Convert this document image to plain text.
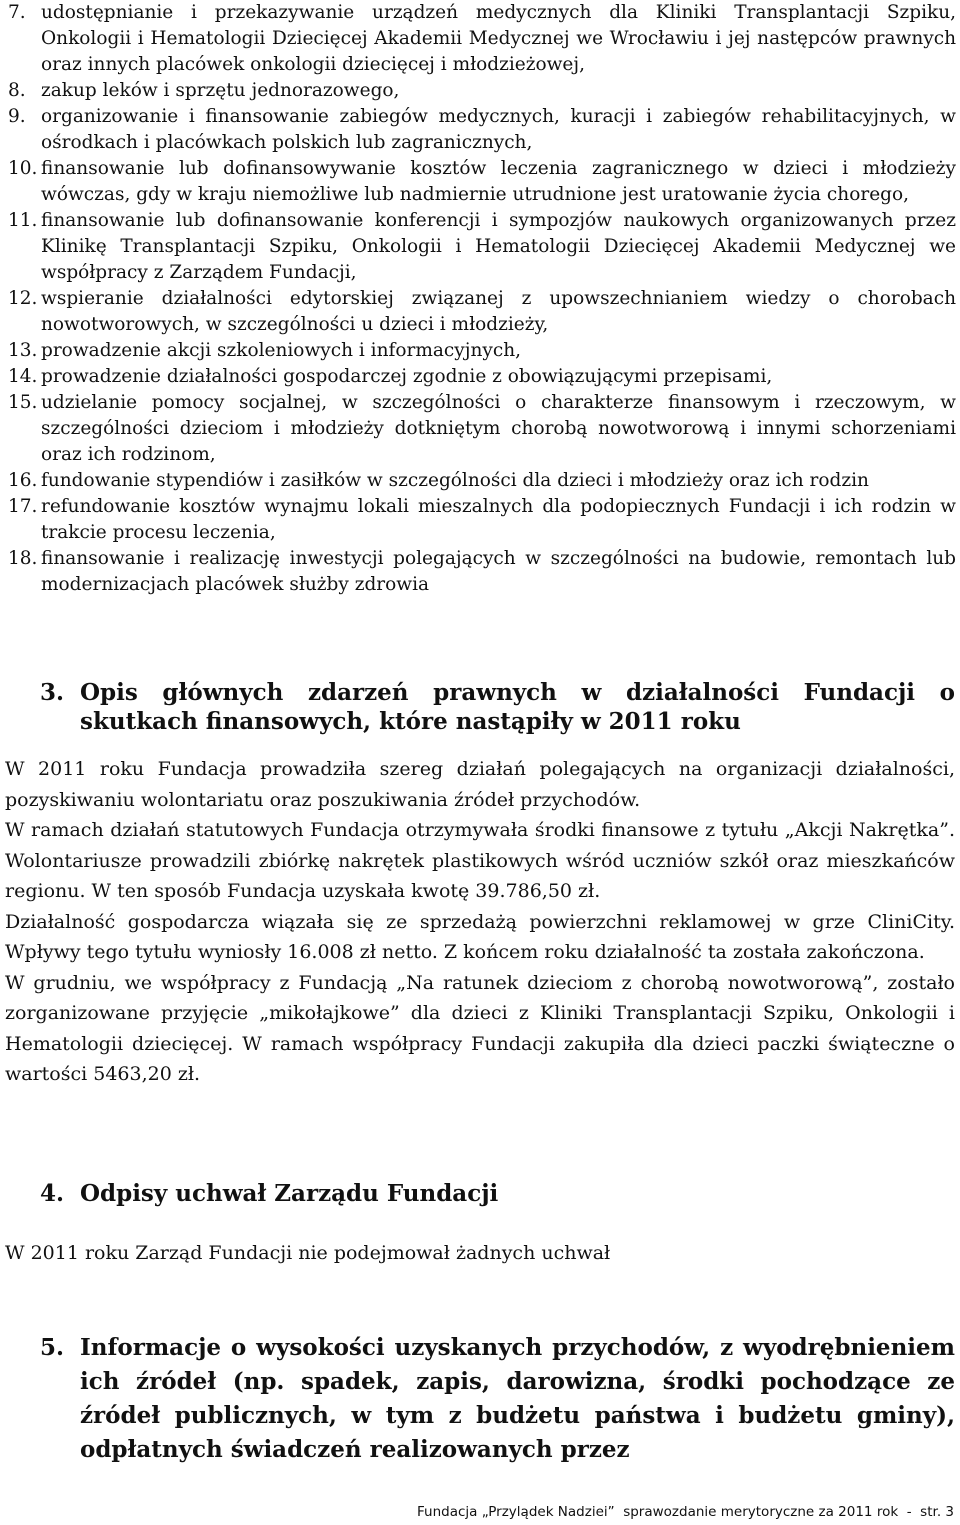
7. udostępnianie i przekazywanie urządzeń medycznych dla Kliniki Transplantacji Szpiku, Onkologii i Hematologii Dziecięcej Akademii Medycznej we Wrocławiu i jej następców prawnych oraz innych placówek onkologii dziecięcej i młodzieżowej,
8. zakup leków i sprzętu jednorazowego,
9. organizowanie i finansowanie zabiegów medycznych, kuracji i zabiegów rehabilitacyjnych, w ośrodkach i placówkach polskich lub zagranicznych,
10. finansowanie lub dofinansowywanie kosztów leczenia zagranicznego w dzieci i młodzieży wówczas, gdy w kraju niemożliwe lub nadmiernie utrudnione jest uratowanie życia chorego,
11. finansowanie lub dofinansowanie konferencji i sympozjów naukowych organizowanych przez Klinikę Transplantacji Szpiku, Onkologii i Hematologii Dziecięcej Akademii Medycznej we współpracy z Zarządem Fundacji,
12. wspieranie działalności edytorskiej związanej z upowszechnianiem wiedzy o chorobach nowotworowych, w szczególności u dzieci i młodzieży,
13. prowadzenie akcji szkoleniowych i informacyjnych,
14. prowadzenie działalności gospodarczej zgodnie z obowiązującymi przepisami,
15. udzielanie pomocy socjalnej, w szczególności o charakterze finansowym i rzeczowym, w szczególności dzieciom i młodzieży dotkniętym chorobą nowotworową i innymi schorzeniami oraz ich rodzinom,
16. fundowanie stypendiów i zasiłków w szczególności dla dzieci i młodzieży oraz ich rodzin
17. refundowanie kosztów wynajmu lokali mieszalnych dla podopiecznych Fundacji i ich rodzin w trakcie procesu leczenia,
18. finansowanie i realizację inwestycji polegających w szczególności na budowie, remontach lub modernizacjach placówek służby zdrowia
3. Opis głównych zdarzeń prawnych w działalności Fundacji o skutkach finansowych, które nastąpiły w 2011 roku

W 2011 roku Fundacja prowadziła szereg działań polegających na organizacji działalności, pozyskiwaniu wolontariatu oraz poszukiwania źródeł przychodów.

W ramach działań statutowych Fundacja otrzymywała środki finansowe z tytułu „Akcji Nakrętka”. Wolontariusze prowadzili zbiórkę nakrętek plastikowych wśród uczniów szkół oraz mieszkańców regionu. W ten sposób Fundacja uzyskała kwotę 39.786,50 zł.

Działalność gospodarcza wiązała się ze sprzedażą powierzchni reklamowej w grze CliniCity. Wpływy tego tytułu wyniosły 16.008 zł netto. Z końcem roku działalność ta została zakończona.

W grudniu, we współpracy z Fundacją „Na ratunek dzieciom z chorobą nowotworową”, zostało zorganizowane przyjęcie „mikołajkowe” dla dzieci z Kliniki Transplantacji Szpiku, Onkologii i Hematologii dziecięcej. W ramach współpracy Fundacji zakupiła dla dzieci paczki świąteczne o wartości 5463,20 zł.

4. Odpisy uchwał Zarządu Fundacji

W 2011 roku Zarząd Fundacji nie podejmował żadnych uchwał

5. Informacje o wysokości uzyskanych przychodów, z wyodrębnieniem ich źródeł (np. spadek, zapis, darowizna, środki pochodzące ze źródeł publicznych, w tym z budżetu państwa i budżetu gminy), odpłatnych świadczeń realizowanych przez
Fundacja „Przylądek Nadziei”  sprawozdanie merytoryczne za 2011 rok  -  str. 3
